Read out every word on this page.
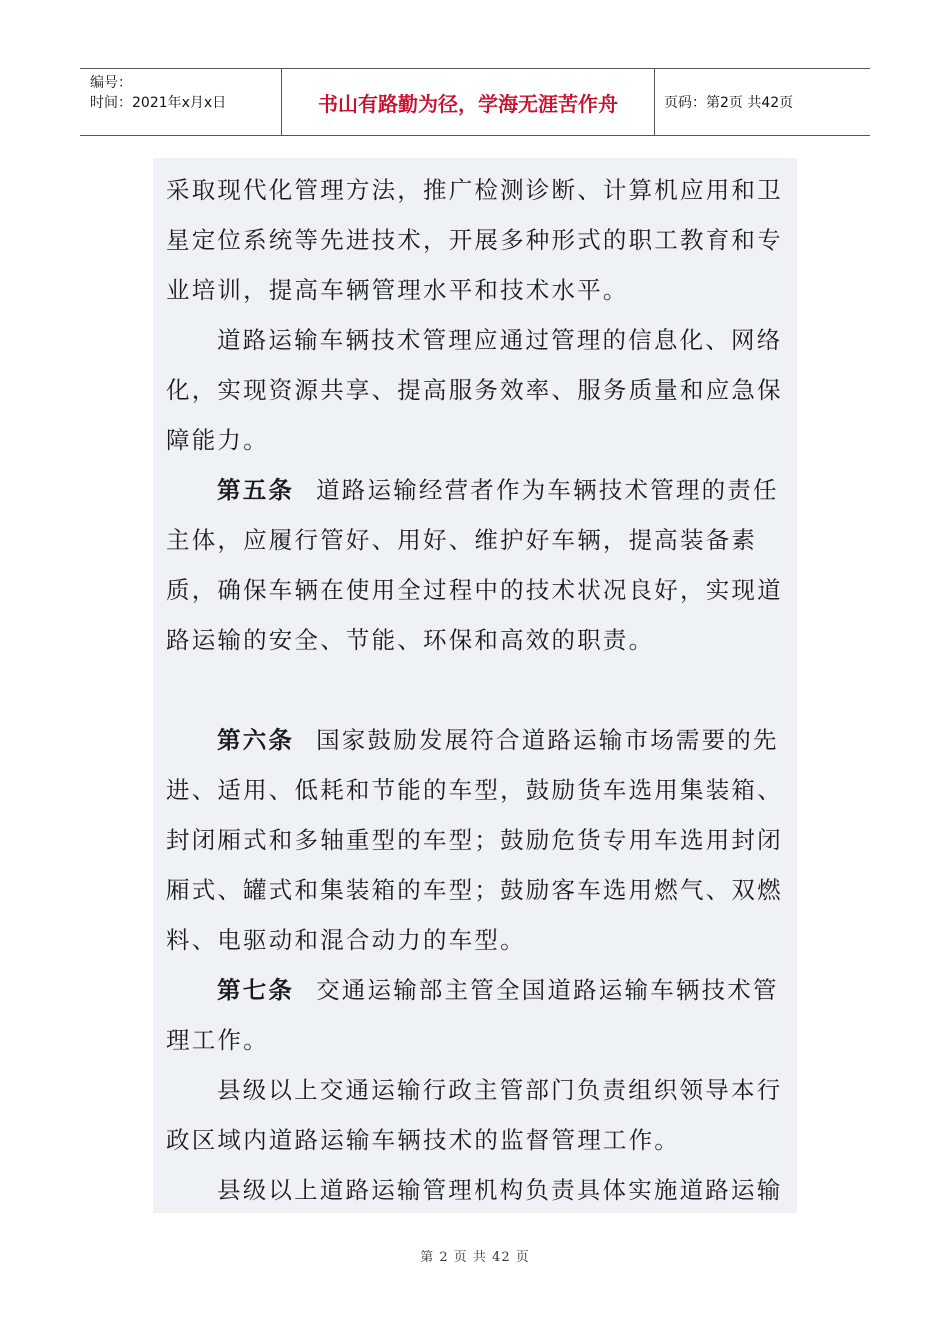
编号：
时间：2021年x月x日	书山有路勤为径，学海无涯苦作舟	页码：第2页 共42页

采取现代化管理方法，推广检测诊断、计算机应用和卫星定位系统等先进技术，开展多种形式的职工教育和专业培训，提高车辆管理水平和技术水平。

道路运输车辆技术管理应通过管理的信息化、网络化，实现资源共享、提高服务效率、服务质量和应急保障能力。

第五条 道路运输经营者作为车辆技术管理的责任主体，应履行管好、用好、维护好车辆，提高装备素质，确保车辆在使用全过程中的技术状况良好，实现道路运输的安全、节能、环保和高效的职责。

第六条 国家鼓励发展符合道路运输市场需要的先进、适用、低耗和节能的车型，鼓励货车选用集装箱、封闭厢式和多轴重型的车型；鼓励危货专用车选用封闭厢式、罐式和集装箱的车型；鼓励客车选用燃气、双燃料、电驱动和混合动力的车型。

第七条 交通运输部主管全国道路运输车辆技术管理工作。

县级以上交通运输行政主管部门负责组织领导本行政区域内道路运输车辆技术的监督管理工作。

县级以上道路运输管理机构负责具体实施道路运输

第 2 页 共 42 页
